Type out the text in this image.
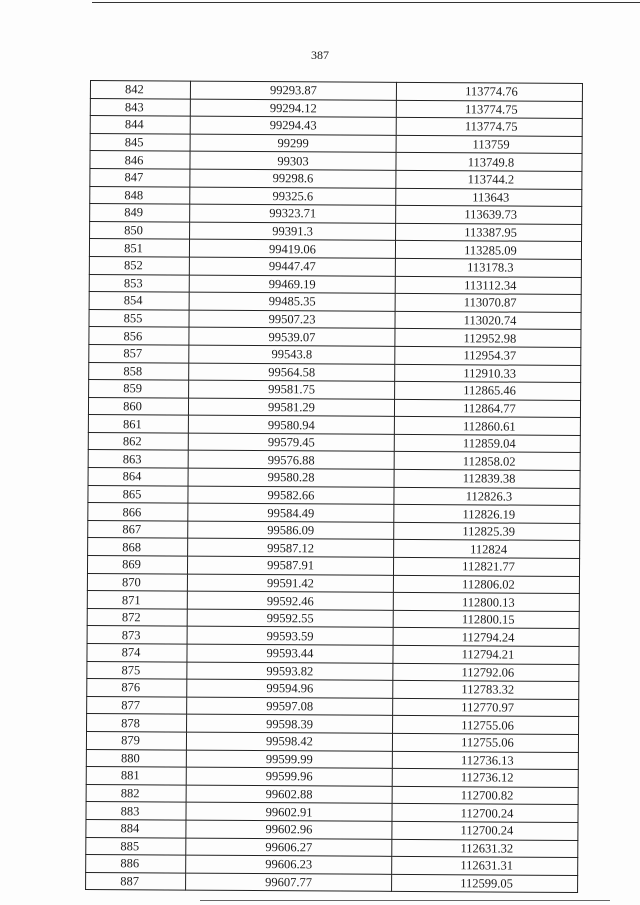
387
842	99293.87	113774.76
843	99294.12	113774.75
844	99294.43	113774.75
845	99299	113759
846	99303	113749.8
847	99298.6	113744.2
848	99325.6	113643
849	99323.71	113639.73
850	99391.3	113387.95
851	99419.06	113285.09
852	99447.47	113178.3
853	99469.19	113112.34
854	99485.35	113070.87
855	99507.23	113020.74
856	99539.07	112952.98
857	99543.8	112954.37
858	99564.58	112910.33
859	99581.75	112865.46
860	99581.29	112864.77
861	99580.94	112860.61
862	99579.45	112859.04
863	99576.88	112858.02
864	99580.28	112839.38
865	99582.66	112826.3
866	99584.49	112826.19
867	99586.09	112825.39
868	99587.12	112824
869	99587.91	112821.77
870	99591.42	112806.02
871	99592.46	112800.13
872	99592.55	112800.15
873	99593.59	112794.24
874	99593.44	112794.21
875	99593.82	112792.06
876	99594.96	112783.32
877	99597.08	112770.97
878	99598.39	112755.06
879	99598.42	112755.06
880	99599.99	112736.13
881	99599.96	112736.12
882	99602.88	112700.82
883	99602.91	112700.24
884	99602.96	112700.24
885	99606.27	112631.32
886	99606.23	112631.31
887	99607.77	112599.05
